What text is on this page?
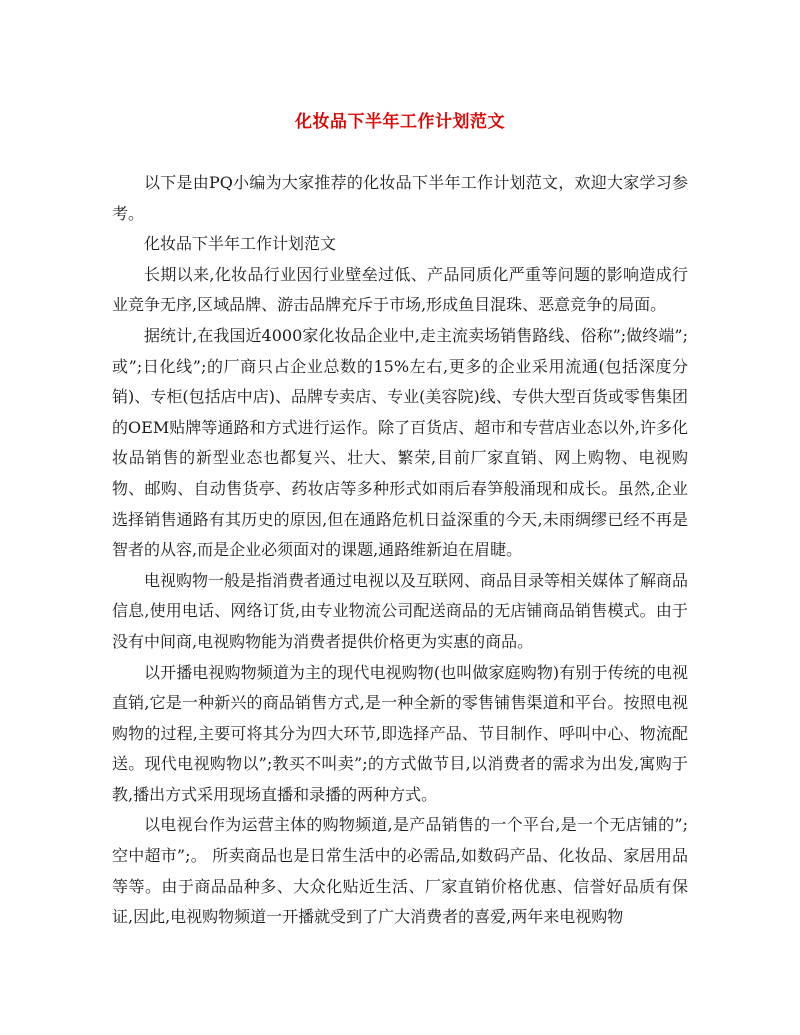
化妆品下半年工作计划范文

以下是由PQ小编为大家推荐的化妆品下半年工作计划范文，欢迎大家学习参考。

化妆品下半年工作计划范文

长期以来,化妆品行业因行业壁垒过低、产品同质化严重等问题的影响造成行业竞争无序,区域品牌、游击品牌充斥于市场,形成鱼目混珠、恶意竞争的局面。

据统计,在我国近4000家化妆品企业中,走主流卖场销售路线、俗称”;做终端”;或”;日化线”;的厂商只占企业总数的15%左右,更多的企业采用流通(包括深度分销)、专柜(包括店中店)、品牌专卖店、专业(美容院)线、专供大型百货或零售集团的OEM贴牌等通路和方式进行运作。除了百货店、超市和专营店业态以外,许多化妆品销售的新型业态也都复兴、壮大、繁荣,目前厂家直销、网上购物、电视购物、邮购、自动售货亭、药妆店等多种形式如雨后春笋般涌现和成长。虽然,企业选择销售通路有其历史的原因,但在通路危机日益深重的今天,未雨绸缪已经不再是智者的从容,而是企业必须面对的课题,通路维新迫在眉睫。

电视购物一般是指消费者通过电视以及互联网、商品目录等相关媒体了解商品信息,使用电话、网络订货,由专业物流公司配送商品的无店铺商品销售模式。由于没有中间商,电视购物能为消费者提供价格更为实惠的商品。

以开播电视购物频道为主的现代电视购物(也叫做家庭购物)有别于传统的电视直销,它是一种新兴的商品销售方式,是一种全新的零售铺售渠道和平台。按照电视购物的过程,主要可将其分为四大环节,即选择产品、节目制作、呼叫中心、物流配送。现代电视购物以”;教买不叫卖”;的方式做节目,以消费者的需求为出发,寓购于教,播出方式采用现场直播和录播的两种方式。

以电视台作为运营主体的购物频道,是产品销售的一个平台,是一个无店铺的”;空中超市”;。 所卖商品也是日常生活中的必需品,如数码产品、化妆品、家居用品等等。由于商品品种多、大众化贴近生活、厂家直销价格优惠、信誉好品质有保证,因此,电视购物频道一开播就受到了广大消费者的喜爱,两年来电视购物
